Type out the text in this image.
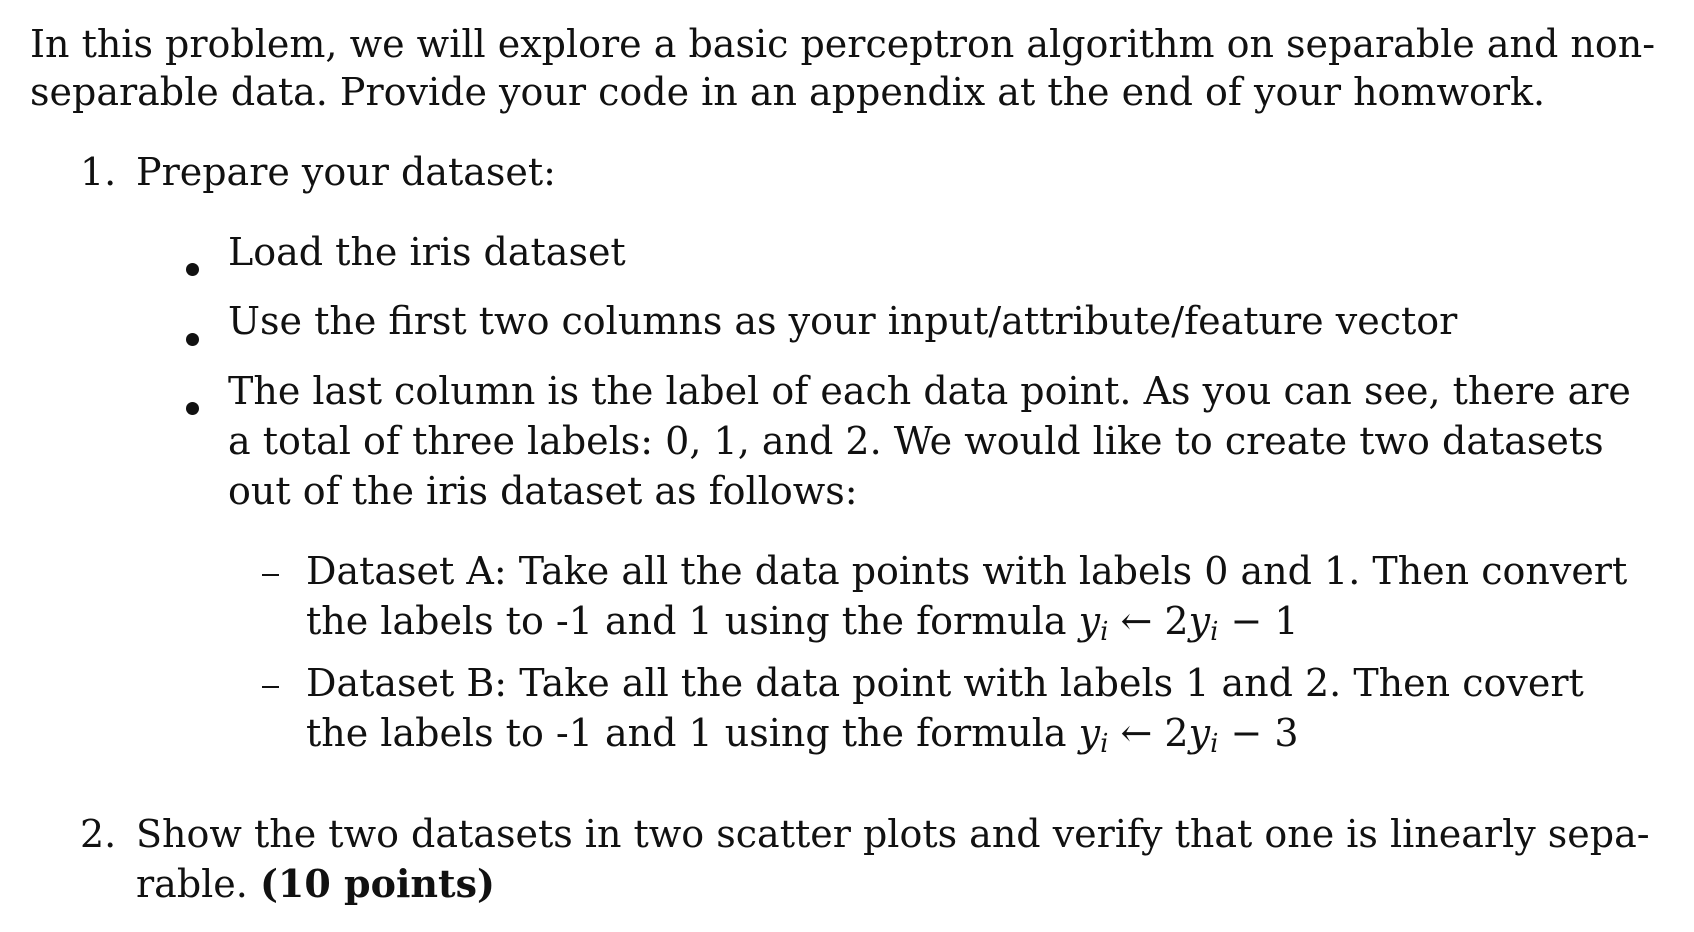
In this problem, we will explore a basic perceptron algorithm on separable and non-
separable data. Provide your code in an appendix at the end of your homwork.
1. Prepare your dataset:
Load the iris dataset
Use the first two columns as your input/attribute/feature vector
The last column is the label of each data point. As you can see, there are
a total of three labels: 0, 1, and 2. We would like to create two datasets
out of the iris dataset as follows:
Dataset A: Take all the data points with labels 0 and 1. Then convert
the labels to -1 and 1 using the formula yi ← 2yi − 1
Dataset B: Take all the data point with labels 1 and 2. Then covert
the labels to -1 and 1 using the formula yi ← 2yi − 3
2. Show the two datasets in two scatter plots and verify that one is linearly sepa-
rable. (10 points)
